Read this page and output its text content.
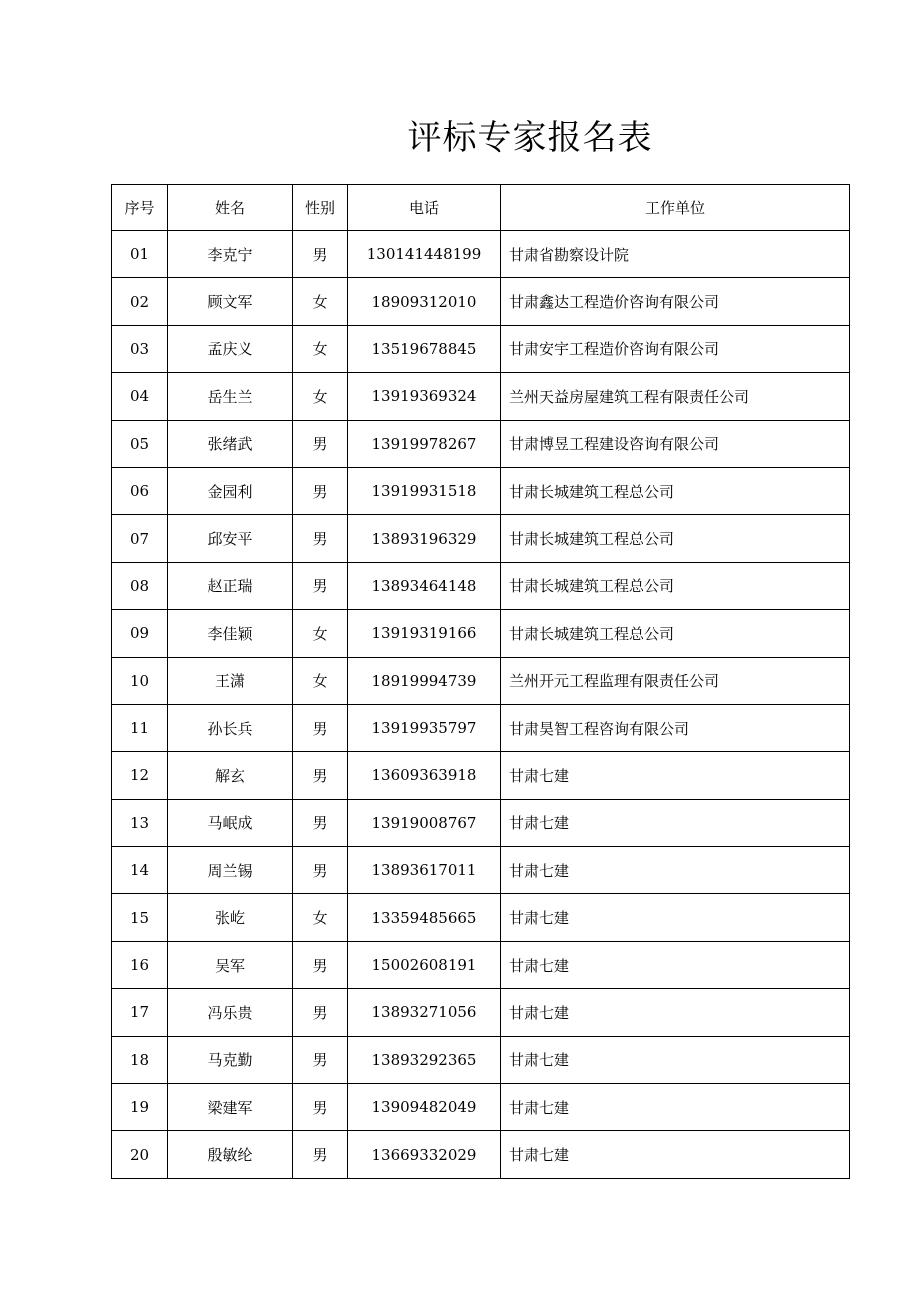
评标专家报名表
序号	姓名	性别	电话	工作单位
01	李克宁	男	130141448199	甘肃省勘察设计院
02	顾文军	女	18909312010	甘肃鑫达工程造价咨询有限公司
03	孟庆义	女	13519678845	甘肃安宇工程造价咨询有限公司
04	岳生兰	女	13919369324	兰州天益房屋建筑工程有限责任公司
05	张绪武	男	13919978267	甘肃博昱工程建设咨询有限公司
06	金园利	男	13919931518	甘肃长城建筑工程总公司
07	邱安平	男	13893196329	甘肃长城建筑工程总公司
08	赵正瑞	男	13893464148	甘肃长城建筑工程总公司
09	李佳颖	女	13919319166	甘肃长城建筑工程总公司
10	王潇	女	18919994739	兰州开元工程监理有限责任公司
11	孙长兵	男	13919935797	甘肃昊智工程咨询有限公司
12	解玄	男	13609363918	甘肃七建
13	马岷成	男	13919008767	甘肃七建
14	周兰锡	男	13893617011	甘肃七建
15	张屹	女	13359485665	甘肃七建
16	吴军	男	15002608191	甘肃七建
17	冯乐贵	男	13893271056	甘肃七建
18	马克勤	男	13893292365	甘肃七建
19	梁建军	男	13909482049	甘肃七建
20	殷敏纶	男	13669332029	甘肃七建
